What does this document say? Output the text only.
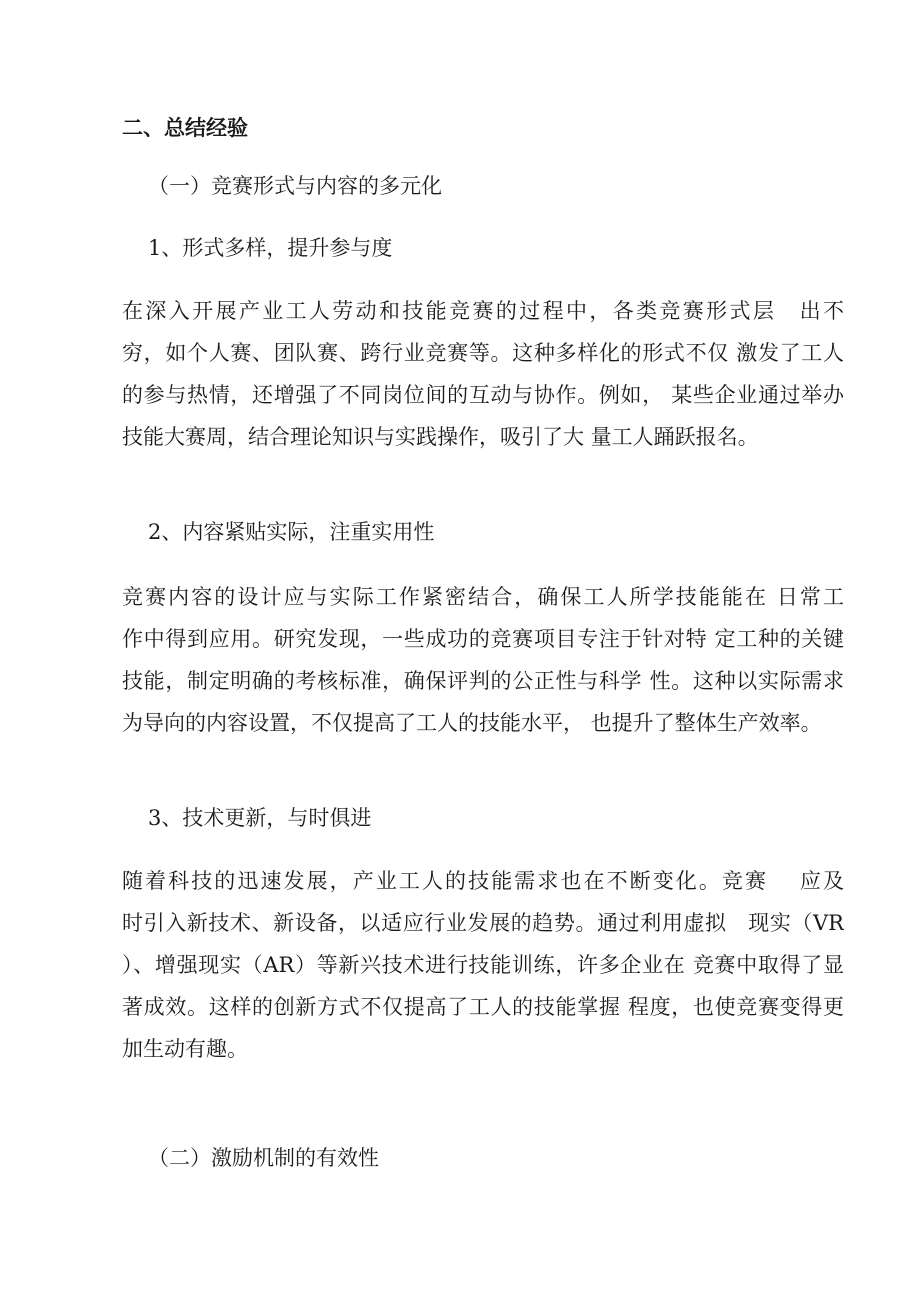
二、总结经验
（一）竞赛形式与内容的多元化
1、形式多样，提升参与度
在深入开展产业工人劳动和技能竞赛的过程中，各类竞赛形式层　出不
穷，如个人赛、团队赛、跨行业竞赛等。这种多样化的形式不仅 激发了工人
的参与热情，还增强了不同岗位间的互动与协作。例如， 某些企业通过举办
技能大赛周，结合理论知识与实践操作，吸引了大 量工人踊跃报名。
2、内容紧贴实际，注重实用性
竞赛内容的设计应与实际工作紧密结合，确保工人所学技能能在 日常工
作中得到应用。研究发现，一些成功的竞赛项目专注于针对特 定工种的关键
技能，制定明确的考核标准，确保评判的公正性与科学 性。这种以实际需求
为导向的内容设置，不仅提高了工人的技能水平， 也提升了整体生产效率。
3、技术更新，与时俱进
随着科技的迅速发展，产业工人的技能需求也在不断变化。竞赛　 应及
时引入新技术、新设备，以适应行业发展的趋势。通过利用虚拟　现实（VR
）、增强现实（AR）等新兴技术进行技能训练，许多企业在 竞赛中取得了显
著成效。这样的创新方式不仅提高了工人的技能掌握 程度，也使竞赛变得更
加生动有趣。
（二）激励机制的有效性
